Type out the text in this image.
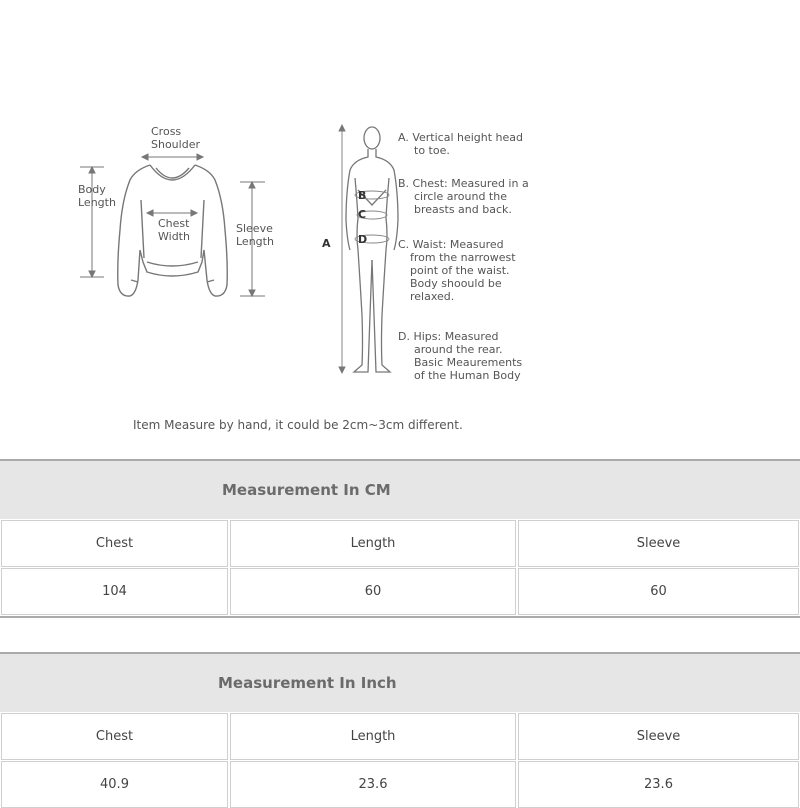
Cross
Shoulder
Body
Length
Chest
Width
Sleeve
Length	A
B
C
D
A. Vertical height head
to toe.
B. Chest: Measured in a
circle around the
breasts and back.
C. Waist: Measured
from the narrowest
point of the waist.
Body shoould be
relaxed.
D. Hips: Measured
around the rear.
Basic Meaurements
of the Human Body
Item Measure by hand, it could be 2cm~3cm different.
Measurement In CM
Chest	Length	Sleeve
104	60	60
Measurement In Inch
Chest	Length	Sleeve
40.9	23.6	23.6
